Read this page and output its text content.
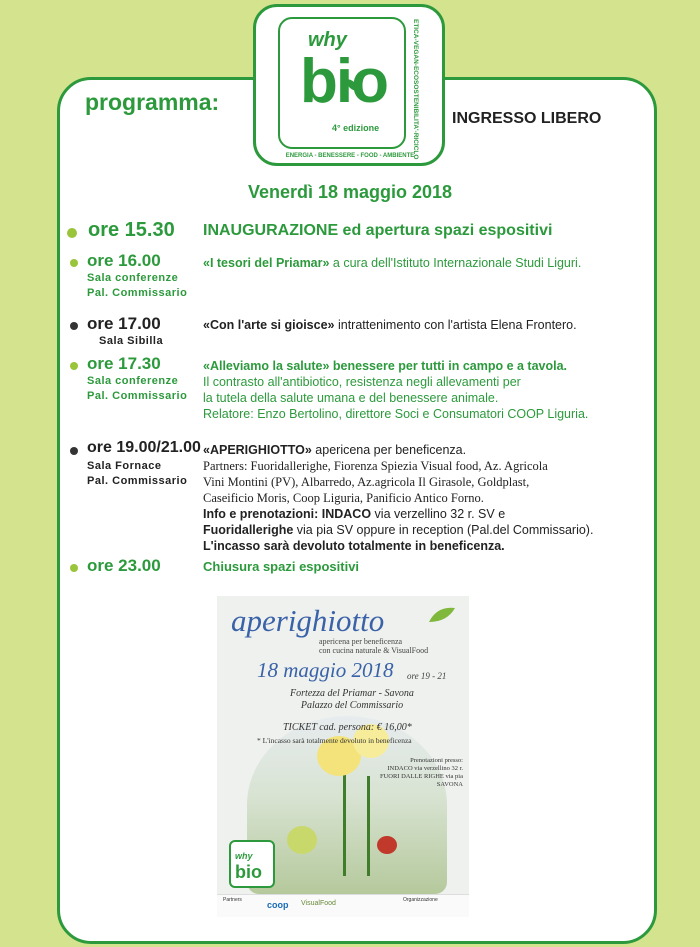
why
bio
4° edizione	ETICA-VEGAN-ECOSOSTENIBILITA'-RICICLO
ENERGIA - BENESSERE - FOOD - AMBIENTE
programma:
INGRESSO LIBERO
Venerdì 18 maggio 2018
ore 15.30 INAUGURAZIONE ed apertura spazi espositivi
ore 16.00
Sala conferenze
Pal. Commissario
«I tesori del Priamar» a cura dell'Istituto Internazionale Studi Liguri.
ore 17.00
Sala Sibilla
«Con l'arte si gioisce» intrattenimento con l'artista Elena Frontero.
ore 17.30
Sala conferenze
Pal. Commissario
«Alleviamo la salute» benessere per tutti in campo e a tavola.
Il contrasto all'antibiotico, resistenza negli allevamenti per
la tutela della salute umana e del benessere animale.
Relatore: Enzo Bertolino, direttore Soci e Consumatori COOP Liguria.
ore 19.00/21.00
Sala Fornace
Pal. Commissario
«APERIGHIOTTO» apericena per beneficenza.
Partners: Fuoridallerighe, Fiorenza Spiezia Visual food, Az. Agricola
Vini Montini (PV), Albarredo, Az.agricola Il Girasole, Goldplast,
Caseificio Moris, Coop Liguria, Panificio Antico Forno.
Info e prenotazioni: INDACO via verzellino 32 r. SV e
Fuoridallerighe via pia SV oppure in reception (Pal.del Commissario).
L'incasso sarà devoluto totalmente in beneficenza.
ore 23.00	Chiusura spazi espositivi
aperighiotto
apericena per beneficenza
con cucina naturale & VisualFood
18 maggio 2018 ore 19 - 21
Fortezza del Priamar - Savona
Palazzo del Commissario
TICKET cad. persona: € 16,00*
* L'incasso sarà totalmente devoluto in beneficenza
Prenotazioni presso:
INDACO via verzellino 32 r.
FUORI DALLE RIGHE via pia
SAVONA
why
bio
Partners	coop VisualFood	Organizzazione
